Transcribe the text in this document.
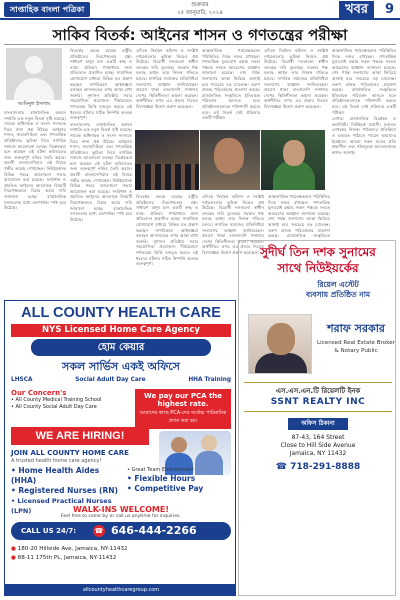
সাপ্তাহিক বাংলা পত্রিকা	শুক্রবার
২৫ জানুয়ারি, ২০২৪	খবর	9
সাকিব বিতর্ক: আইনের শাসন ও গণতন্ত্রের পরীক্ষা
আমিনুল ইসলাম

বাংলাদেশের রাজনৈতিক অঙ্গনে সম্প্রতি এক নতুন বিতর্ক সৃষ্টি হয়েছে। সাবেক অধিনায়ক ও সংসদ সদস্যকে ঘিরে নানা প্রশ্ন উঠছে। আইনের শাসন, জবাবদিহিতা এবং গণতান্ত্রিক প্রতিষ্ঠানের ভূমিকা নিয়ে নাগরিক সমাজে আলোচনা চলছে। বিশ্লেষকরা মনে করছেন এই ঘটনা ভবিষ্যতের জন্য গুরুত্বপূর্ণ নজির তৈরি করবে। প্রবাসী বাংলাদেশিরাও এই বিষয়ে গভীর আগ্রহ দেখাচ্ছেন। নিউইয়র্কসহ বিভিন্ন শহরে আলোচনা সভার আয়োজন করা হয়েছে। সংবিধান ও প্রচলিত আইনের আলোকে বিষয়টি নিরপেক্ষভাবে বিচার করার দাবি জানানো হচ্ছে। রাজনৈতিক দলগুলোর মধ্যে মতপার্থক্য স্পষ্ট হয়ে উঠেছে।

বিতর্কের কেন্দ্রে রয়েছে রাষ্ট্রীয় প্রতিষ্ঠানের নিরপেক্ষতার প্রশ্ন। সাধারণ মানুষ চান একটি স্বচ্ছ ও ন্যায্য প্রক্রিয়া। গণমাধ্যমে নানা প্রতিবেদন প্রকাশিত হচ্ছে। সামাজিক যোগাযোগ মাধ্যমে বিভিন্ন মত প্রকাশ করছেন নাগরিকরা। আইনজ্ঞরা বলছেন আদালতের ওপর আস্থা রাখা জরুরি। সুশাসন প্রতিষ্ঠায় সবার সহযোগিতা প্রয়োজন। দীর্ঘমেয়াদে গণতন্ত্রের ভিত্তি মজবুত করতে এই ধরনের ঘটনার সঠিক নিষ্পত্তি অত্যন্ত গুরুত্বপূর্ণ।

বাংলাদেশের রাজনৈতিক অঙ্গনে সম্প্রতি এক নতুন বিতর্ক সৃষ্টি হয়েছে। সাবেক অধিনায়ক ও সংসদ সদস্যকে ঘিরে নানা প্রশ্ন উঠছে। আইনের শাসন, জবাবদিহিতা এবং গণতান্ত্রিক প্রতিষ্ঠানের ভূমিকা নিয়ে নাগরিক সমাজে আলোচনা চলছে। বিশ্লেষকরা মনে করছেন এই ঘটনা ভবিষ্যতের জন্য গুরুত্বপূর্ণ নজির তৈরি করবে। প্রবাসী বাংলাদেশিরাও এই বিষয়ে গভীর আগ্রহ দেখাচ্ছেন। নিউইয়র্কসহ বিভিন্ন শহরে আলোচনা সভার আয়োজন করা হয়েছে। সংবিধান ও প্রচলিত আইনের আলোকে বিষয়টি নিরপেক্ষভাবে বিচার করার দাবি জানানো হচ্ছে। রাজনৈতিক দলগুলোর মধ্যে মতপার্থক্য স্পষ্ট হয়ে উঠেছে।

এদিকে নির্বাচন কমিশন ও সংশ্লিষ্ট দপ্তরগুলোর ভূমিকা নিয়েও প্রশ্ন উঠেছে। বিরোধী দলগুলো স্বাধীন তদন্তের দাবি তুলেছে। সরকার পক্ষ বলছে আইন তার নিজস্ব গতিতে চলবে। নাগরিক সমাজের প্রতিনিধিরা সংলাপের আহ্বান জানিয়েছেন। প্রবাসে থাকা বাংলাদেশি সম্প্রদায় দেশের স্থিতিশীলতা কামনা করছেন। অর্থনীতির ওপর এর প্রভাব নিয়েও বিশেষজ্ঞরা উদ্বেগ প্রকাশ করেছেন।

আন্তর্জাতিক পর্যবেক্ষকরাও পরিস্থিতির দিকে নজর রাখছেন। গণতান্ত্রিক মূল্যবোধ রক্ষায় সকল পক্ষকে সংযত আচরণের আহ্বান জানানো হয়েছে। শেষ পর্যন্ত জনগণের আস্থা ফিরিয়ে আনাই হবে সবচেয়ে বড় চ্যালেঞ্জ। তরুণ প্রজন্ম পরিবর্তনের প্রত্যাশা করছে। রাজনৈতিক সংস্কৃতিতে ইতিবাচক পরিবর্তন আনতে হলে প্রতিষ্ঠানগুলোকে শক্তিশালী করতে হবে। এই বিতর্ক সেই প্রক্রিয়ার একটি পরীক্ষা।

এদিকে নির্বাচন কমিশন ও সংশ্লিষ্ট দপ্তরগুলোর ভূমিকা নিয়েও প্রশ্ন উঠেছে। বিরোধী দলগুলো স্বাধীন তদন্তের দাবি তুলেছে। সরকার পক্ষ বলছে আইন তার নিজস্ব গতিতে চলবে। নাগরিক সমাজের প্রতিনিধিরা সংলাপের আহ্বান জানিয়েছেন। প্রবাসে থাকা বাংলাদেশি সম্প্রদায় দেশের স্থিতিশীলতা কামনা করছেন। অর্থনীতির ওপর এর প্রভাব নিয়েও বিশেষজ্ঞরা উদ্বেগ প্রকাশ করেছেন।

আন্তর্জাতিক পর্যবেক্ষকরাও পরিস্থিতির দিকে নজর রাখছেন। গণতান্ত্রিক মূল্যবোধ রক্ষায় সকল পক্ষকে সংযত আচরণের আহ্বান জানানো হয়েছে। শেষ পর্যন্ত জনগণের আস্থা ফিরিয়ে আনাই হবে সবচেয়ে বড় চ্যালেঞ্জ। তরুণ প্রজন্ম পরিবর্তনের প্রত্যাশা করছে। রাজনৈতিক সংস্কৃতিতে ইতিবাচক পরিবর্তন আনতে হলে প্রতিষ্ঠানগুলোকে শক্তিশালী করতে হবে। এই বিতর্ক সেই প্রক্রিয়ার একটি পরীক্ষা।

লেখক: রাজনৈতিক বিশ্লেষক ও কলামিস্ট। নিউইয়র্ক প্রবাসী। মতামত লেখকের নিজস্ব। পাঠকদের প্রতিক্রিয়া ও মতামত পাঠাতে পারেন আমাদের ইমেইলে। আমরা সকল মতের প্রতি শ্রদ্ধাশীল এবং গঠনমূলক আলোচনাকে স্বাগত জানাই।

বিতর্কের কেন্দ্রে রয়েছে রাষ্ট্রীয় প্রতিষ্ঠানের নিরপেক্ষতার প্রশ্ন। সাধারণ মানুষ চান একটি স্বচ্ছ ও ন্যায্য প্রক্রিয়া। গণমাধ্যমে নানা প্রতিবেদন প্রকাশিত হচ্ছে। সামাজিক যোগাযোগ মাধ্যমে বিভিন্ন মত প্রকাশ করছেন নাগরিকরা। আইনজ্ঞরা বলছেন আদালতের ওপর আস্থা রাখা জরুরি। সুশাসন প্রতিষ্ঠায় সবার সহযোগিতা প্রয়োজন। দীর্ঘমেয়াদে গণতন্ত্রের ভিত্তি মজবুত করতে এই ধরনের ঘটনার সঠিক নিষ্পত্তি অত্যন্ত গুরুত্বপূর্ণ।

এদিকে নির্বাচন কমিশন ও সংশ্লিষ্ট দপ্তরগুলোর ভূমিকা নিয়েও প্রশ্ন উঠেছে। বিরোধী দলগুলো স্বাধীন তদন্তের দাবি তুলেছে। সরকার পক্ষ বলছে আইন তার নিজস্ব গতিতে চলবে। নাগরিক সমাজের প্রতিনিধিরা সংলাপের আহ্বান জানিয়েছেন। প্রবাসে থাকা বাংলাদেশি সম্প্রদায় দেশের স্থিতিশীলতা কামনা করছেন। অর্থনীতির ওপর এর প্রভাব নিয়েও বিশেষজ্ঞরা উদ্বেগ প্রকাশ করেছেন।

আন্তর্জাতিক পর্যবেক্ষকরাও পরিস্থিতির দিকে নজর রাখছেন। গণতান্ত্রিক মূল্যবোধ রক্ষায় সকল পক্ষকে সংযত আচরণের আহ্বান জানানো হয়েছে। শেষ পর্যন্ত জনগণের আস্থা ফিরিয়ে আনাই হবে সবচেয়ে বড় চ্যালেঞ্জ। তরুণ প্রজন্ম পরিবর্তনের প্রত্যাশা করছে। রাজনৈতিক সংস্কৃতিতে

ALL COUNTY HEALTH CARE
NYS Licensed Home Care Agency
হোম কেয়ার
সকল সার্ভিস একই অফিসে
LHSCA	Social Adult Day Care	HHA Training
Our Concern's
• All County Medical Training School
• All County Social Adult Day Care
We pay our PCA the highest rate.
আমাদের কাছে PCA-দের সর্বোচ্চ পারিশ্রমিক প্রদান করা হয়।
WE ARE HIRING!
JOIN ALL COUNTY HOME CARE
A trusted health home care agency!
• Home Health Aides (HHA)
• Registered Nurses (RN)
• Licensed Practical Nurses (LPN)
• Great Team Environment
• Flexible Hours
• Competitive Pay
WALK-INS WELCOME!
Feel free to come by or call us anytime for inquiries.
CALL US 24/7:	☎ 646-444-2266
● 180-20 Hillside Ave, Jamaica, NY-11432
● 88-11 175th PL, Jamaica, NY-11432
allcountyhealthcaregroup.com
সুদীর্ঘ তিন দশক সুনামের
সাথে নিউইয়র্কের
রিয়েল এস্টেট
ব্যবসায় প্রতিষ্ঠিত নাম
শরাফ সরকার
Licensed Real Estate Broker
& Notary Public
এস.এস.এন.টি রিয়েলটি ইনক
SSNT REALTY INC
অফিস ঠিকানা
87-43, 164 Street
Close to Hill Side Avenue
Jamaica, NY 11432
☎ 718-291-8888
